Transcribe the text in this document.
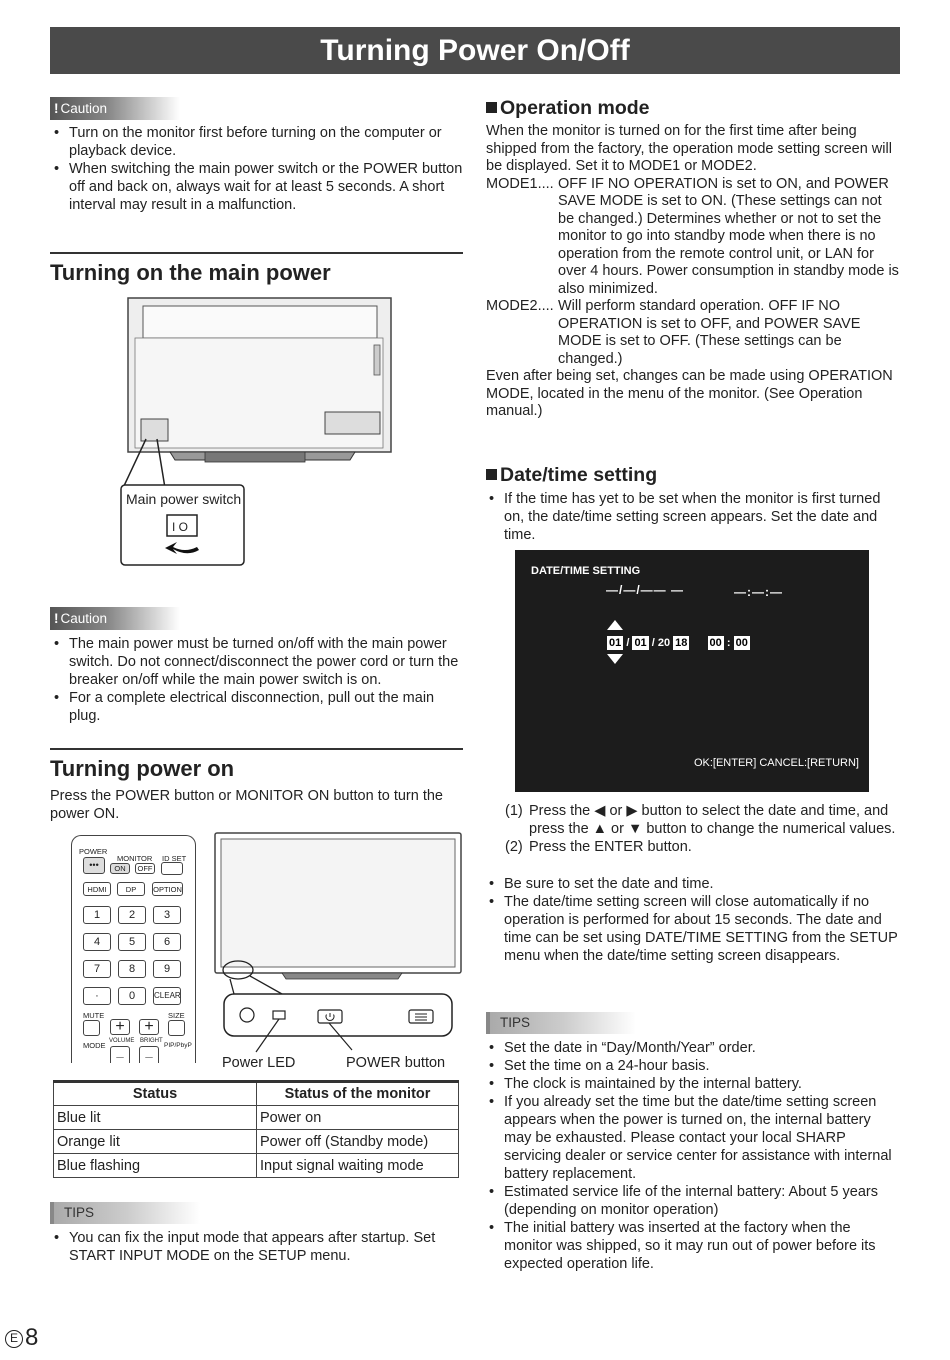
Turning Power On/Off
! Caution
• Turn on the monitor first before turning on the computer or playback device.
• When switching the main power switch or the POWER button off and back on, always wait for at least 5 seconds. A short interval may result in a malfunction.
Turning on the main power
I O
Main power switch
! Caution
• The main power must be turned on/off with the main power switch. Do not connect/disconnect the power cord or turn the breaker on/off while the main power switch is on.
• For a complete electrical disconnection, pull out the main plug.
Turning power on
Press the POWER button or MONITOR ON button to turn the power ON.
POWER
•••
MONITOR ID SET
ON	OFF
HDMI	DP	OPTION
1	2	3
4	5	6
7	8	9
·	0	CLEAR
MUTE	SIZE
+	+
MODE VOLUME BRIGHT
PIP/PbyP
—	—	Power LED	POWER button
Status	Status of the monitor
Blue lit	Power on
Orange lit	Power off (Standby mode)
Blue flashing	Input signal waiting mode
TIPS
• You can fix the input mode that appears after startup. Set START INPUT MODE on the SETUP menu.
Operation mode
When the monitor is turned on for the first time after being shipped from the factory, the operation mode setting screen will be displayed. Set it to MODE1 or MODE2.
MODE1.... OFF IF NO OPERATION is set to ON, and POWER SAVE MODE is set to ON. (These settings can not be changed.) Determines whether or not to set the monitor to go into standby mode when there is no operation from the remote control unit, or LAN for over 4 hours. Power consumption in standby mode is also minimized.
MODE2.... Will perform standard operation. OFF IF NO OPERATION is set to OFF, and POWER SAVE MODE is set to OFF. (These settings can be changed.)
Even after being set, changes can be made using OPERATION MODE, located in the menu of the monitor. (See Operation manual.)
Date/time setting
• If the time has yet to be set when the monitor is first turned on, the date/time setting screen appears. Set the date and time.
DATE/TIME SETTING
—/—/—— —	—:—:—
01 / 01 / 20 18 00 : 00
OK:[ENTER] CANCEL:[RETURN]
(1) Press the ◀ or ▶ button to select the date and time, and press the ▲ or ▼ button to change the numerical values.
(2) Press the ENTER button.
• Be sure to set the date and time.
• The date/time setting screen will close automatically if no operation is performed for about 15 seconds. The date and time can be set using DATE/TIME SETTING from the SETUP menu when the date/time setting screen disappears.
TIPS
• Set the date in “Day/Month/Year” order.
• Set the time on a 24-hour basis.
• The clock is maintained by the internal battery.
• If you already set the time but the date/time setting screen appears when the power is turned on, the internal battery may be exhausted. Please contact your local SHARP servicing dealer or service center for assistance with internal battery replacement.
• Estimated service life of the internal battery: About 5 years (depending on monitor operation)
• The initial battery was inserted at the factory when the monitor was shipped, so it may run out of power before its expected operation life.
E 8
